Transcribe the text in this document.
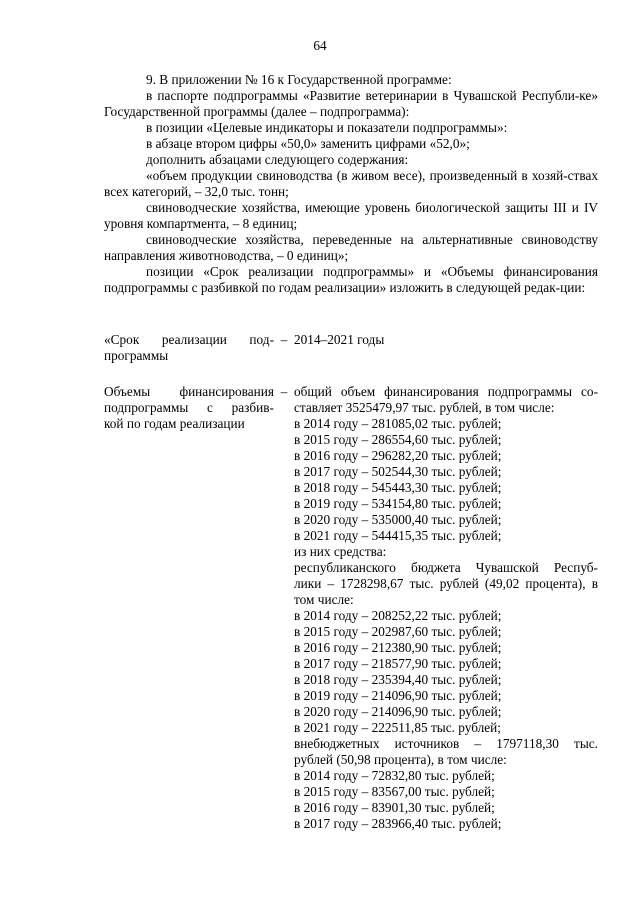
64

9. В приложении № 16 к Государственной программе:

в паспорте подпрограммы «Развитие ветеринарии в Чувашской Республи-ке» Государственной программы (далее – подпрограмма):

в позиции «Целевые индикаторы и показатели подпрограммы»:

в абзаце втором цифры «50,0» заменить цифрами «52,0»;

дополнить абзацами следующего содержания:

«объем продукции свиноводства (в живом весе), произведенный в хозяй-ствах всех категорий, – 32,0 тыс. тонн;

свиноводческие хозяйства, имеющие уровень биологической защиты III и IV уровня компартмента, – 8 единиц;

свиноводческие хозяйства, переведенные на альтернативные свиноводству направления животноводства, – 0 единиц»;

позиции «Срок реализации подпрограммы» и «Объемы финансирования подпрограммы с разбивкой по годам реализации» изложить в следующей редак-ции:

«Срок реализации под- – 2014–2021 годы
программы
Объемы финансирования
подпрограммы с разбив-
кой по годам реализации
– общий объем финансирования подпрограммы со-
ставляет 3525479,97 тыс. рублей, в том числе:
в 2014 году – 281085,02 тыс. рублей;
в 2015 году – 286554,60 тыс. рублей;
в 2016 году – 296282,20 тыс. рублей;
в 2017 году – 502544,30 тыс. рублей;
в 2018 году – 545443,30 тыс. рублей;
в 2019 году – 534154,80 тыс. рублей;
в 2020 году – 535000,40 тыс. рублей;
в 2021 году – 544415,35 тыс. рублей;
из них средства:
республиканского бюджета Чувашской Респуб-
лики – 1728298,67 тыс. рублей (49,02 процента), в
том числе:
в 2014 году – 208252,22 тыс. рублей;
в 2015 году – 202987,60 тыс. рублей;
в 2016 году – 212380,90 тыс. рублей;
в 2017 году – 218577,90 тыс. рублей;
в 2018 году – 235394,40 тыс. рублей;
в 2019 году – 214096,90 тыс. рублей;
в 2020 году – 214096,90 тыс. рублей;
в 2021 году – 222511,85 тыс. рублей;
внебюджетных источников – 1797118,30 тыс.
рублей (50,98 процента), в том числе:
в 2014 году – 72832,80 тыс. рублей;
в 2015 году – 83567,00 тыс. рублей;
в 2016 году – 83901,30 тыс. рублей;
в 2017 году – 283966,40 тыс. рублей;
